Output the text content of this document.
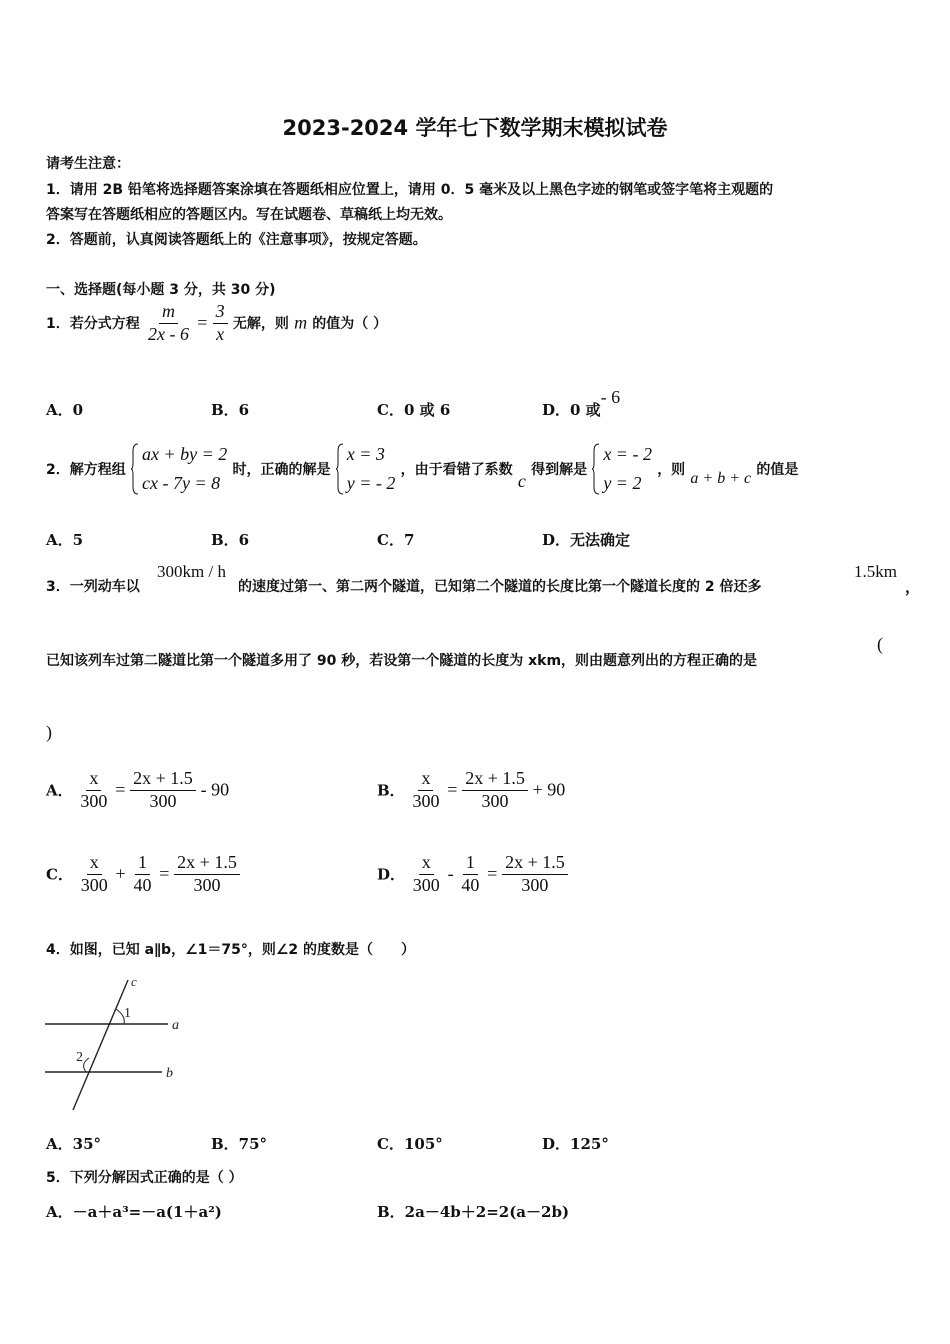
2023-2024 学年七下数学期末模拟试卷
请考生注意：
1．请用 2B 铅笔将选择题答案涂填在答题纸相应位置上，请用 0．5 毫米及以上黑色字迹的钢笔或签字笔将主观题的
答案写在答题纸相应的答题区内。写在试题卷、草稿纸上均无效。
2．答题前，认真阅读答题纸上的《注意事项》，按规定答题。
一、选择题(每小题 3 分，共 30 分)
1．若分式方程 $\frac{m}{2x - 6} = \frac{3}{x}$ 无解，则 m 的值为（ ）
A．0	B．6	C．0 或 6	D．0 或- 6
2．解方程组
ax + by = 2
cx - 7y = 8
时，正确的解是
x = 3
y = - 2
，由于看错了系数 c 得到解是
x = - 2
y = 2
，则 a + b + c 的值是
A．5	B．6	C．7	D．无法确定
3．一列动车以
300km / h
的速度过第一、第二两个隧道，已知第二个隧道的长度比第一个隧道长度的 2 倍还多
1.5km
，
已知该列车过第二隧道比第一个隧道多用了 90 秒，若设第一个隧道的长度为 xkm，则由题意列出的方程正确的是
(
)
A． $\frac{x}{300} = \frac{2x + 1.5}{300} - 90$	B． $\frac{x}{300} = \frac{2x + 1.5}{300} + 90$
C． $\frac{x}{300} + \frac{1}{40} = \frac{2x + 1.5}{300}$	D． $\frac{x}{300} - \frac{1}{40} = \frac{2x + 1.5}{300}$
4．如图，已知 a∥b，∠1＝75°，则∠2 的度数是（　　）
c
1
a
2
b
A．35°	B．75°	C．105°	D．125°
5．下列分解因式正确的是（ ）
A．－a＋a³=－a(1＋a²)	B．2a－4b＋2=2(a－2b)
